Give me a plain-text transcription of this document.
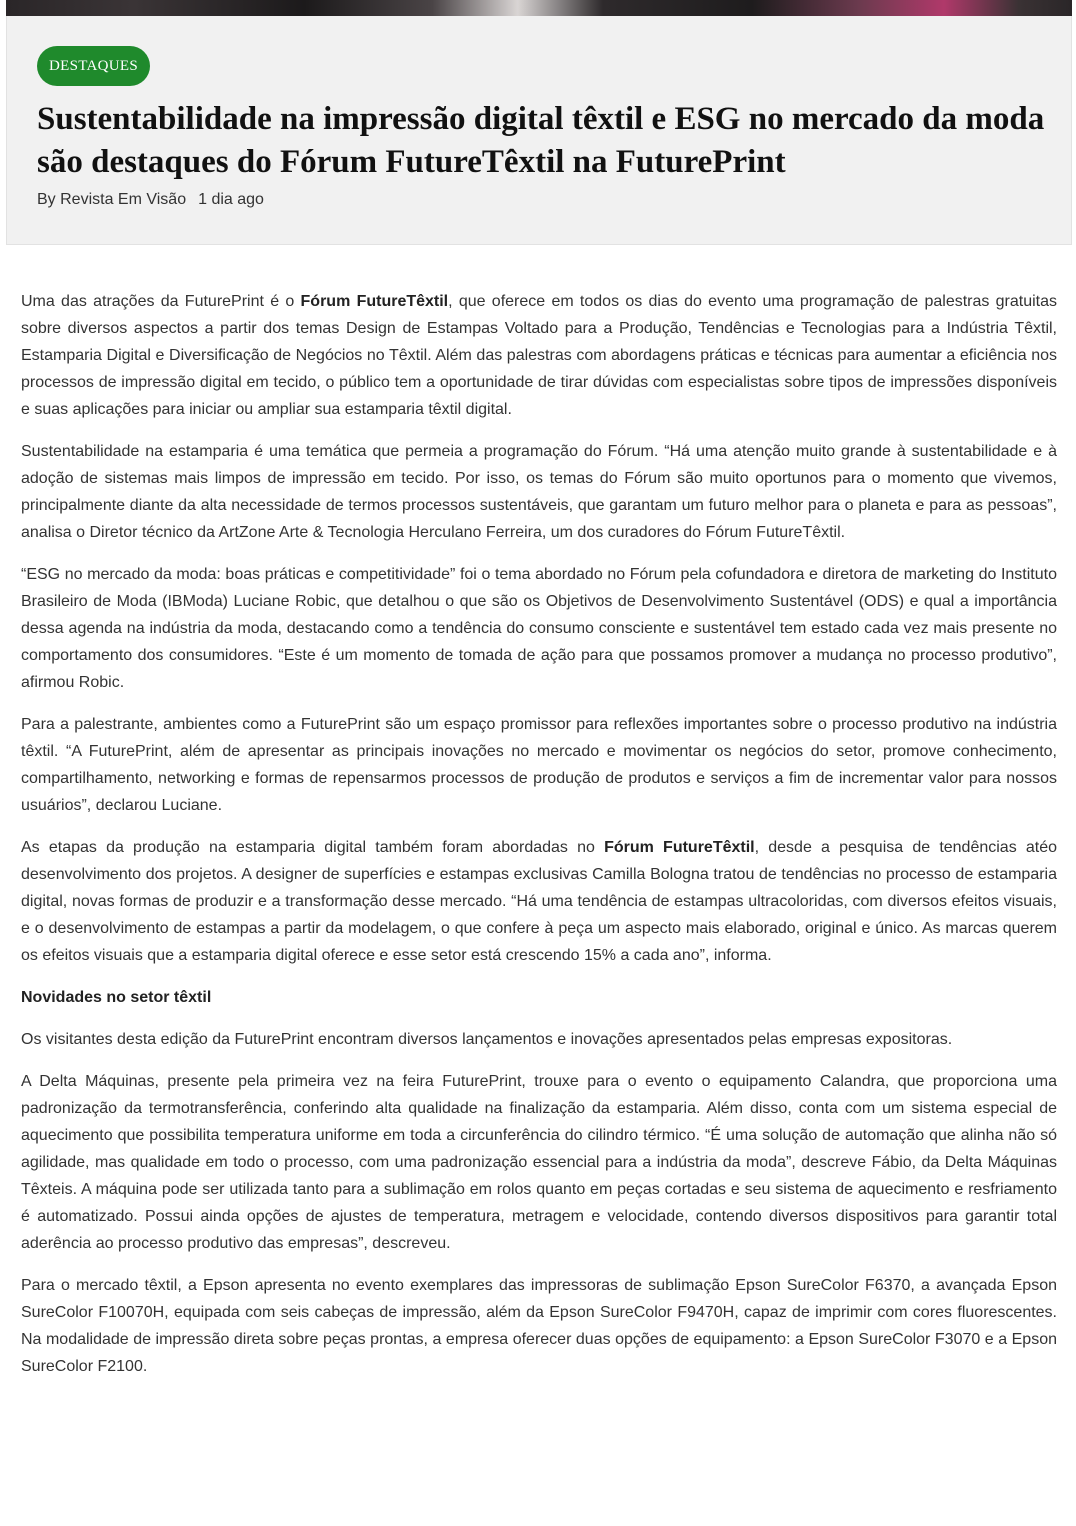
DESTAQUES
Sustentabilidade na impressão digital têxtil e ESG no mercado da moda são destaques do Fórum FutureTêxtil na FuturePrint
By Revista Em Visão 1 dia ago

Uma das atrações da FuturePrint é o Fórum FutureTêxtil, que oferece em todos os dias do evento uma programação de palestras gratuitas sobre diversos aspectos a partir dos temas Design de Estampas Voltado para a Produção, Tendências e Tecnologias para a Indústria Têxtil, Estamparia Digital e Diversificação de Negócios no Têxtil. Além das palestras com abordagens práticas e técnicas para aumentar a eficiência nos processos de impressão digital em tecido, o público tem a oportunidade de tirar dúvidas com especialistas sobre tipos de impressões disponíveis e suas aplicações para iniciar ou ampliar sua estamparia têxtil digital.

Sustentabilidade na estamparia é uma temática que permeia a programação do Fórum. “Há uma atenção muito grande à sustentabilidade e à adoção de sistemas mais limpos de impressão em tecido. Por isso, os temas do Fórum são muito oportunos para o momento que vivemos, principalmente diante da alta necessidade de termos processos sustentáveis, que garantam um futuro melhor para o planeta e para as pessoas”, analisa o Diretor técnico da ArtZone Arte & Tecnologia Herculano Ferreira, um dos curadores do Fórum FutureTêxtil.

“ESG no mercado da moda: boas práticas e competitividade” foi o tema abordado no Fórum pela cofundadora e diretora de marketing do Instituto Brasileiro de Moda (IBModa) Luciane Robic, que detalhou o que são os Objetivos de Desenvolvimento Sustentável (ODS) e qual a importância dessa agenda na indústria da moda, destacando como a tendência do consumo consciente e sustentável tem estado cada vez mais presente no comportamento dos consumidores. “Este é um momento de tomada de ação para que possamos promover a mudança no processo produtivo”, afirmou Robic.

Para a palestrante, ambientes como a FuturePrint são um espaço promissor para reflexões importantes sobre o processo produtivo na indústria têxtil. “A FuturePrint, além de apresentar as principais inovações no mercado e movimentar os negócios do setor, promove conhecimento, compartilhamento, networking e formas de repensarmos processos de produção de produtos e serviços a fim de incrementar valor para nossos usuários”, declarou Luciane.

As etapas da produção na estamparia digital também foram abordadas no Fórum FutureTêxtil, desde a pesquisa de tendências atéo desenvolvimento dos projetos. A designer de superfícies e estampas exclusivas Camilla Bologna tratou de tendências no processo de estamparia digital, novas formas de produzir e a transformação desse mercado. “Há uma tendência de estampas ultracoloridas, com diversos efeitos visuais, e o desenvolvimento de estampas a partir da modelagem, o que confere à peça um aspecto mais elaborado, original e único. As marcas querem os efeitos visuais que a estamparia digital oferece e esse setor está crescendo 15% a cada ano”, informa.

Novidades no setor têxtil

Os visitantes desta edição da FuturePrint encontram diversos lançamentos e inovações apresentados pelas empresas expositoras.

A Delta Máquinas, presente pela primeira vez na feira FuturePrint, trouxe para o evento o equipamento Calandra, que proporciona uma padronização da termotransferência, conferindo alta qualidade na finalização da estamparia. Além disso, conta com um sistema especial de aquecimento que possibilita temperatura uniforme em toda a circunferência do cilindro térmico. “É uma solução de automação que alinha não só agilidade, mas qualidade em todo o processo, com uma padronização essencial para a indústria da moda”, descreve Fábio, da Delta Máquinas Têxteis. A máquina pode ser utilizada tanto para a sublimação em rolos quanto em peças cortadas e seu sistema de aquecimento e resfriamento é automatizado. Possui ainda opções de ajustes de temperatura, metragem e velocidade, contendo diversos dispositivos para garantir total aderência ao processo produtivo das empresas”, descreveu.

Para o mercado têxtil, a Epson apresenta no evento exemplares das impressoras de sublimação Epson SureColor F6370, a avançada Epson SureColor F10070H, equipada com seis cabeças de impressão, além da Epson SureColor F9470H, capaz de imprimir com cores fluorescentes. Na modalidade de impressão direta sobre peças prontas, a empresa oferecer duas opções de equipamento: a Epson SureColor F3070 e a Epson SureColor F2100.
